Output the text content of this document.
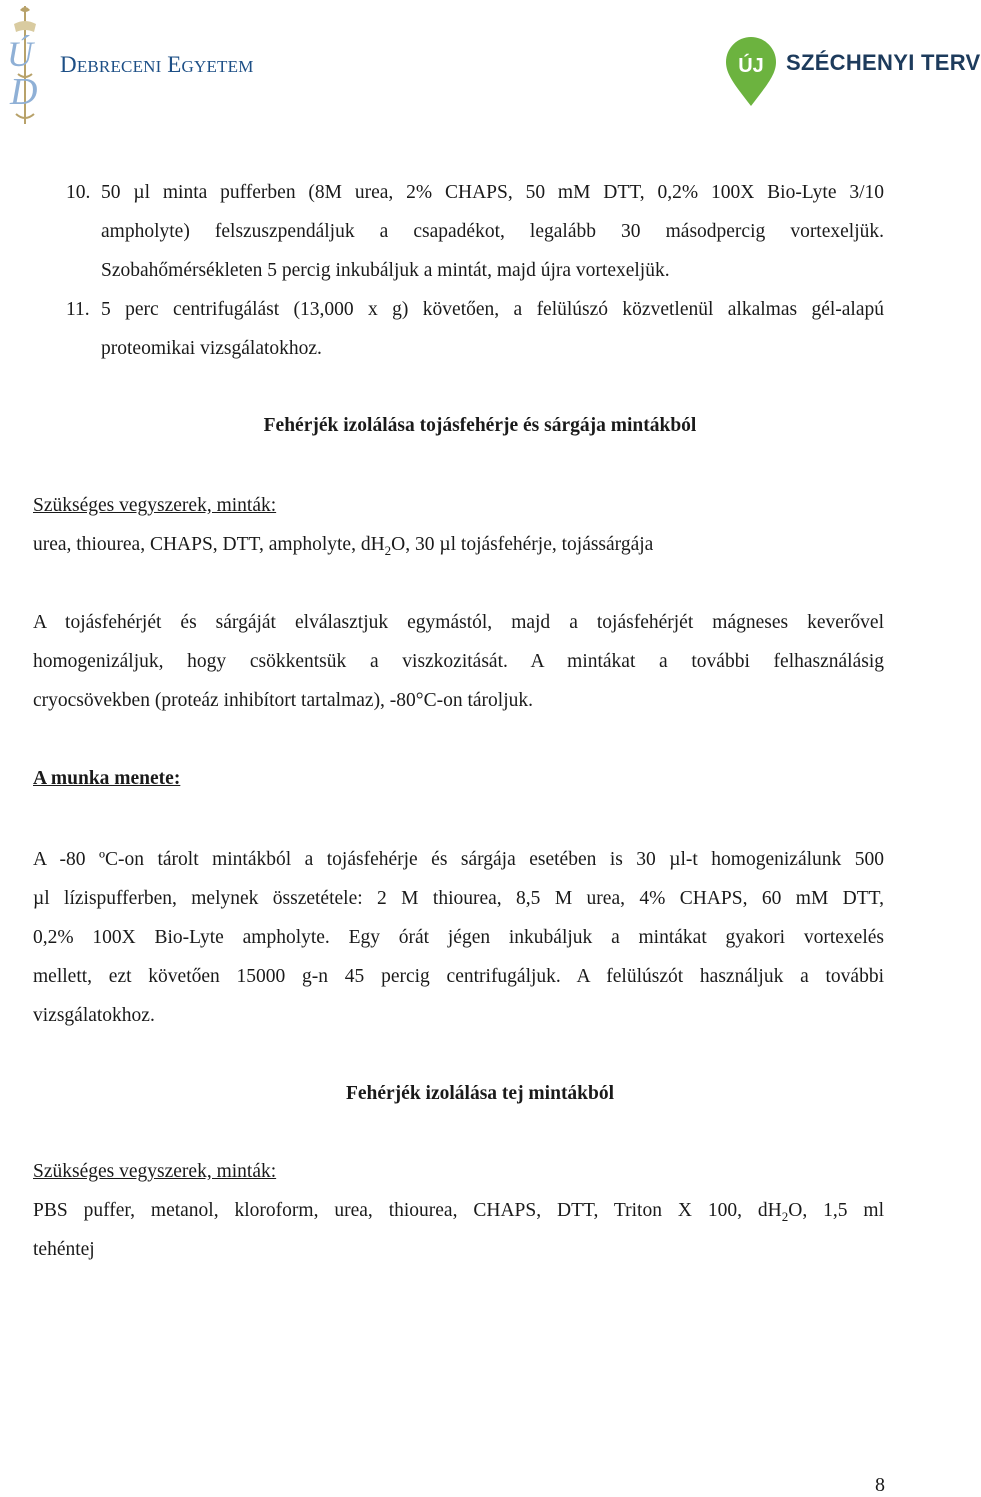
Ú
D
DEBRECENI EGYETEM	ÚJ SZÉCHENYI TERV
10. 50 µl minta pufferben (8M urea, 2% CHAPS, 50 mM DTT, 0,2% 100X Bio-Lyte 3/10
ampholyte) felszuszpendáljuk a csapadékot, legalább 30 másodpercig vortexeljük.
Szobahőmérsékleten 5 percig inkubáljuk a mintát, majd újra vortexeljük.
11. 5 perc centrifugálást (13,000 x g) követően, a felülúszó közvetlenül alkalmas gél-alapú
proteomikai vizsgálatokhoz.
Fehérjék izolálása tojásfehérje és sárgája mintákból
Szükséges vegyszerek, minták:
urea, thiourea, CHAPS, DTT, ampholyte, $dH_2O$, 30 µl tojásfehérje, tojássárgája
A tojásfehérjét és sárgáját elválasztjuk egymástól, majd a tojásfehérjét mágneses keverővel
homogenizáljuk, hogy csökkentsük a viszkozitását. A mintákat a további felhasználásig
cryocsövekben (proteáz inhibítort tartalmaz), -80°C-on tároljuk.
A munka menete:
A -80 ºC-on tárolt mintákból a tojásfehérje és sárgája esetében is 30 µl-t homogenizálunk 500
µl lízispufferben, melynek összetétele: 2 M thiourea, 8,5 M urea, 4% CHAPS, 60 mM DTT,
0,2% 100X Bio-Lyte ampholyte. Egy órát jégen inkubáljuk a mintákat gyakori vortexelés
mellett, ezt követően 15000 g-n 45 percig centrifugáljuk. A felülúszót használjuk a további
vizsgálatokhoz.
Fehérjék izolálása tej mintákból
Szükséges vegyszerek, minták:
PBS puffer, metanol, kloroform, urea, thiourea, CHAPS, DTT, Triton X 100, $dH_2O$, 1,5 ml
tehéntej
8
